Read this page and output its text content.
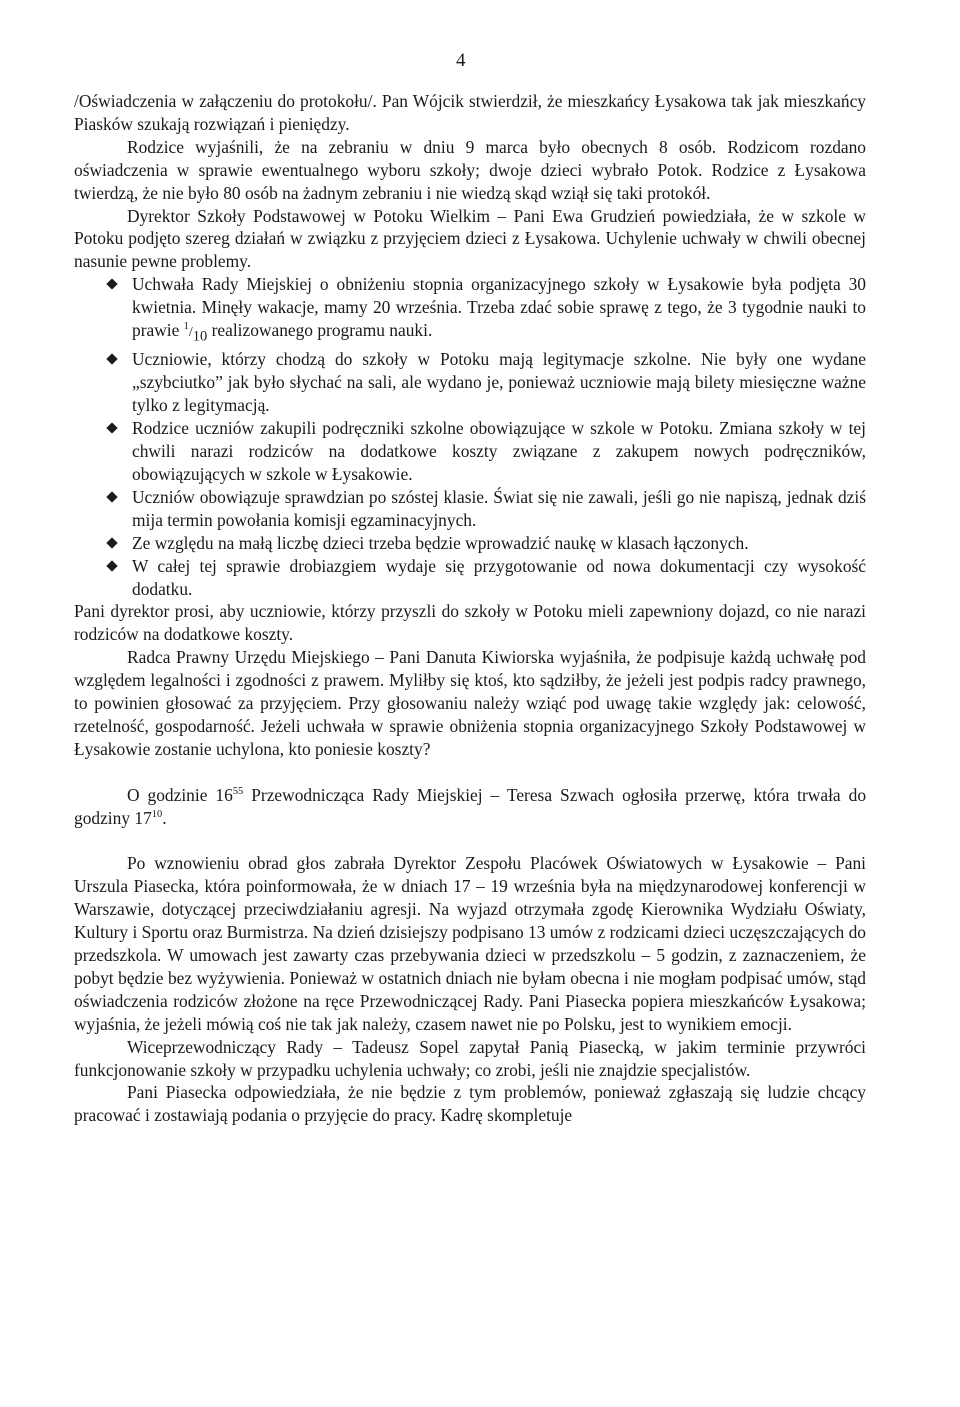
4

/Oświadczenia w załączeniu do protokołu/. Pan Wójcik stwierdził, że mieszkańcy Łysakowa tak jak mieszkańcy Piasków szukają rozwiązań i pieniędzy.

Rodzice wyjaśnili, że na zebraniu w dniu 9 marca było obecnych 8 osób. Rodzicom rozdano oświadczenia w sprawie ewentualnego wyboru szkoły; dwoje dzieci wybrało Potok. Rodzice z Łysakowa twierdzą, że nie było 80 osób na żadnym zebraniu i nie wiedzą skąd wziął się taki protokół.

Dyrektor Szkoły Podstawowej w Potoku Wielkim – Pani Ewa Grudzień powiedziała, że w szkole w Potoku podjęto szereg działań w związku z przyjęciem dzieci z Łysakowa. Uchylenie uchwały w chwili obecnej nasunie pewne problemy.

Uchwała Rady Miejskiej o obniżeniu stopnia organizacyjnego szkoły w Łysakowie była podjęta 30 kwietnia. Minęły wakacje, mamy 20 września. Trzeba zdać sobie sprawę z tego, że 3 tygodnie nauki to prawie $^1/_{10}$ realizowanego programu nauki.
Uczniowie, którzy chodzą do szkoły w Potoku mają legitymacje szkolne. Nie były one wydane „szybciutko” jak było słychać na sali, ale wydano je, ponieważ uczniowie mają bilety miesięczne ważne tylko z legitymacją.
Rodzice uczniów zakupili podręczniki szkolne obowiązujące w szkole w Potoku. Zmiana szkoły w tej chwili narazi rodziców na dodatkowe koszty związane z zakupem nowych podręczników, obowiązujących w szkole w Łysakowie.
Uczniów obowiązuje sprawdzian po szóstej klasie. Świat się nie zawali, jeśli go nie napiszą, jednak dziś mija termin powołania komisji egzaminacyjnych.
Ze względu na małą liczbę dzieci trzeba będzie wprowadzić naukę w klasach łączonych.
W całej tej sprawie drobiazgiem wydaje się przygotowanie od nowa dokumentacji czy wysokość dodatku.

Pani dyrektor prosi, aby uczniowie, którzy przyszli do szkoły w Potoku mieli zapewniony dojazd, co nie narazi rodziców na dodatkowe koszty.

Radca Prawny Urzędu Miejskiego – Pani Danuta Kiwiorska wyjaśniła, że podpisuje każdą uchwałę pod względem legalności i zgodności z prawem. Myliłby się ktoś, kto sądziłby, że jeżeli jest podpis radcy prawnego, to powinien głosować za przyjęciem. Przy głosowaniu należy wziąć pod uwagę takie względy jak: celowość, rzetelność, gospodarność. Jeżeli uchwała w sprawie obniżenia stopnia organizacyjnego Szkoły Podstawowej w Łysakowie zostanie uchylona, kto poniesie koszty?

O godzinie $16^{55}$ Przewodnicząca Rady Miejskiej – Teresa Szwach ogłosiła przerwę, która trwała do godziny $17^{10}$.

Po wznowieniu obrad głos zabrała Dyrektor Zespołu Placówek Oświatowych w Łysakowie – Pani Urszula Piasecka, która poinformowała, że w dniach 17 – 19 września była na międzynarodowej konferencji w Warszawie, dotyczącej przeciwdziałaniu agresji. Na wyjazd otrzymała zgodę Kierownika Wydziału Oświaty, Kultury i Sportu oraz Burmistrza. Na dzień dzisiejszy podpisano 13 umów z rodzicami dzieci uczęszczających do przedszkola. W umowach jest zawarty czas przebywania dzieci w przedszkolu – 5 godzin, z zaznaczeniem, że pobyt będzie bez wyżywienia. Ponieważ w ostatnich dniach nie byłam obecna i nie mogłam podpisać umów, stąd oświadczenia rodziców złożone na ręce Przewodniczącej Rady. Pani Piasecka popiera mieszkańców Łysakowa; wyjaśnia, że jeżeli mówią coś nie tak jak należy, czasem nawet nie po Polsku, jest to wynikiem emocji.

Wiceprzewodniczący Rady – Tadeusz Sopel zapytał Panią Piasecką, w jakim terminie przywróci funkcjonowanie szkoły w przypadku uchylenia uchwały; co zrobi, jeśli nie znajdzie specjalistów.

Pani Piasecka odpowiedziała, że nie będzie z tym problemów, ponieważ zgłaszają się ludzie chcący pracować i zostawiają podania o przyjęcie do pracy. Kadrę skompletuje
